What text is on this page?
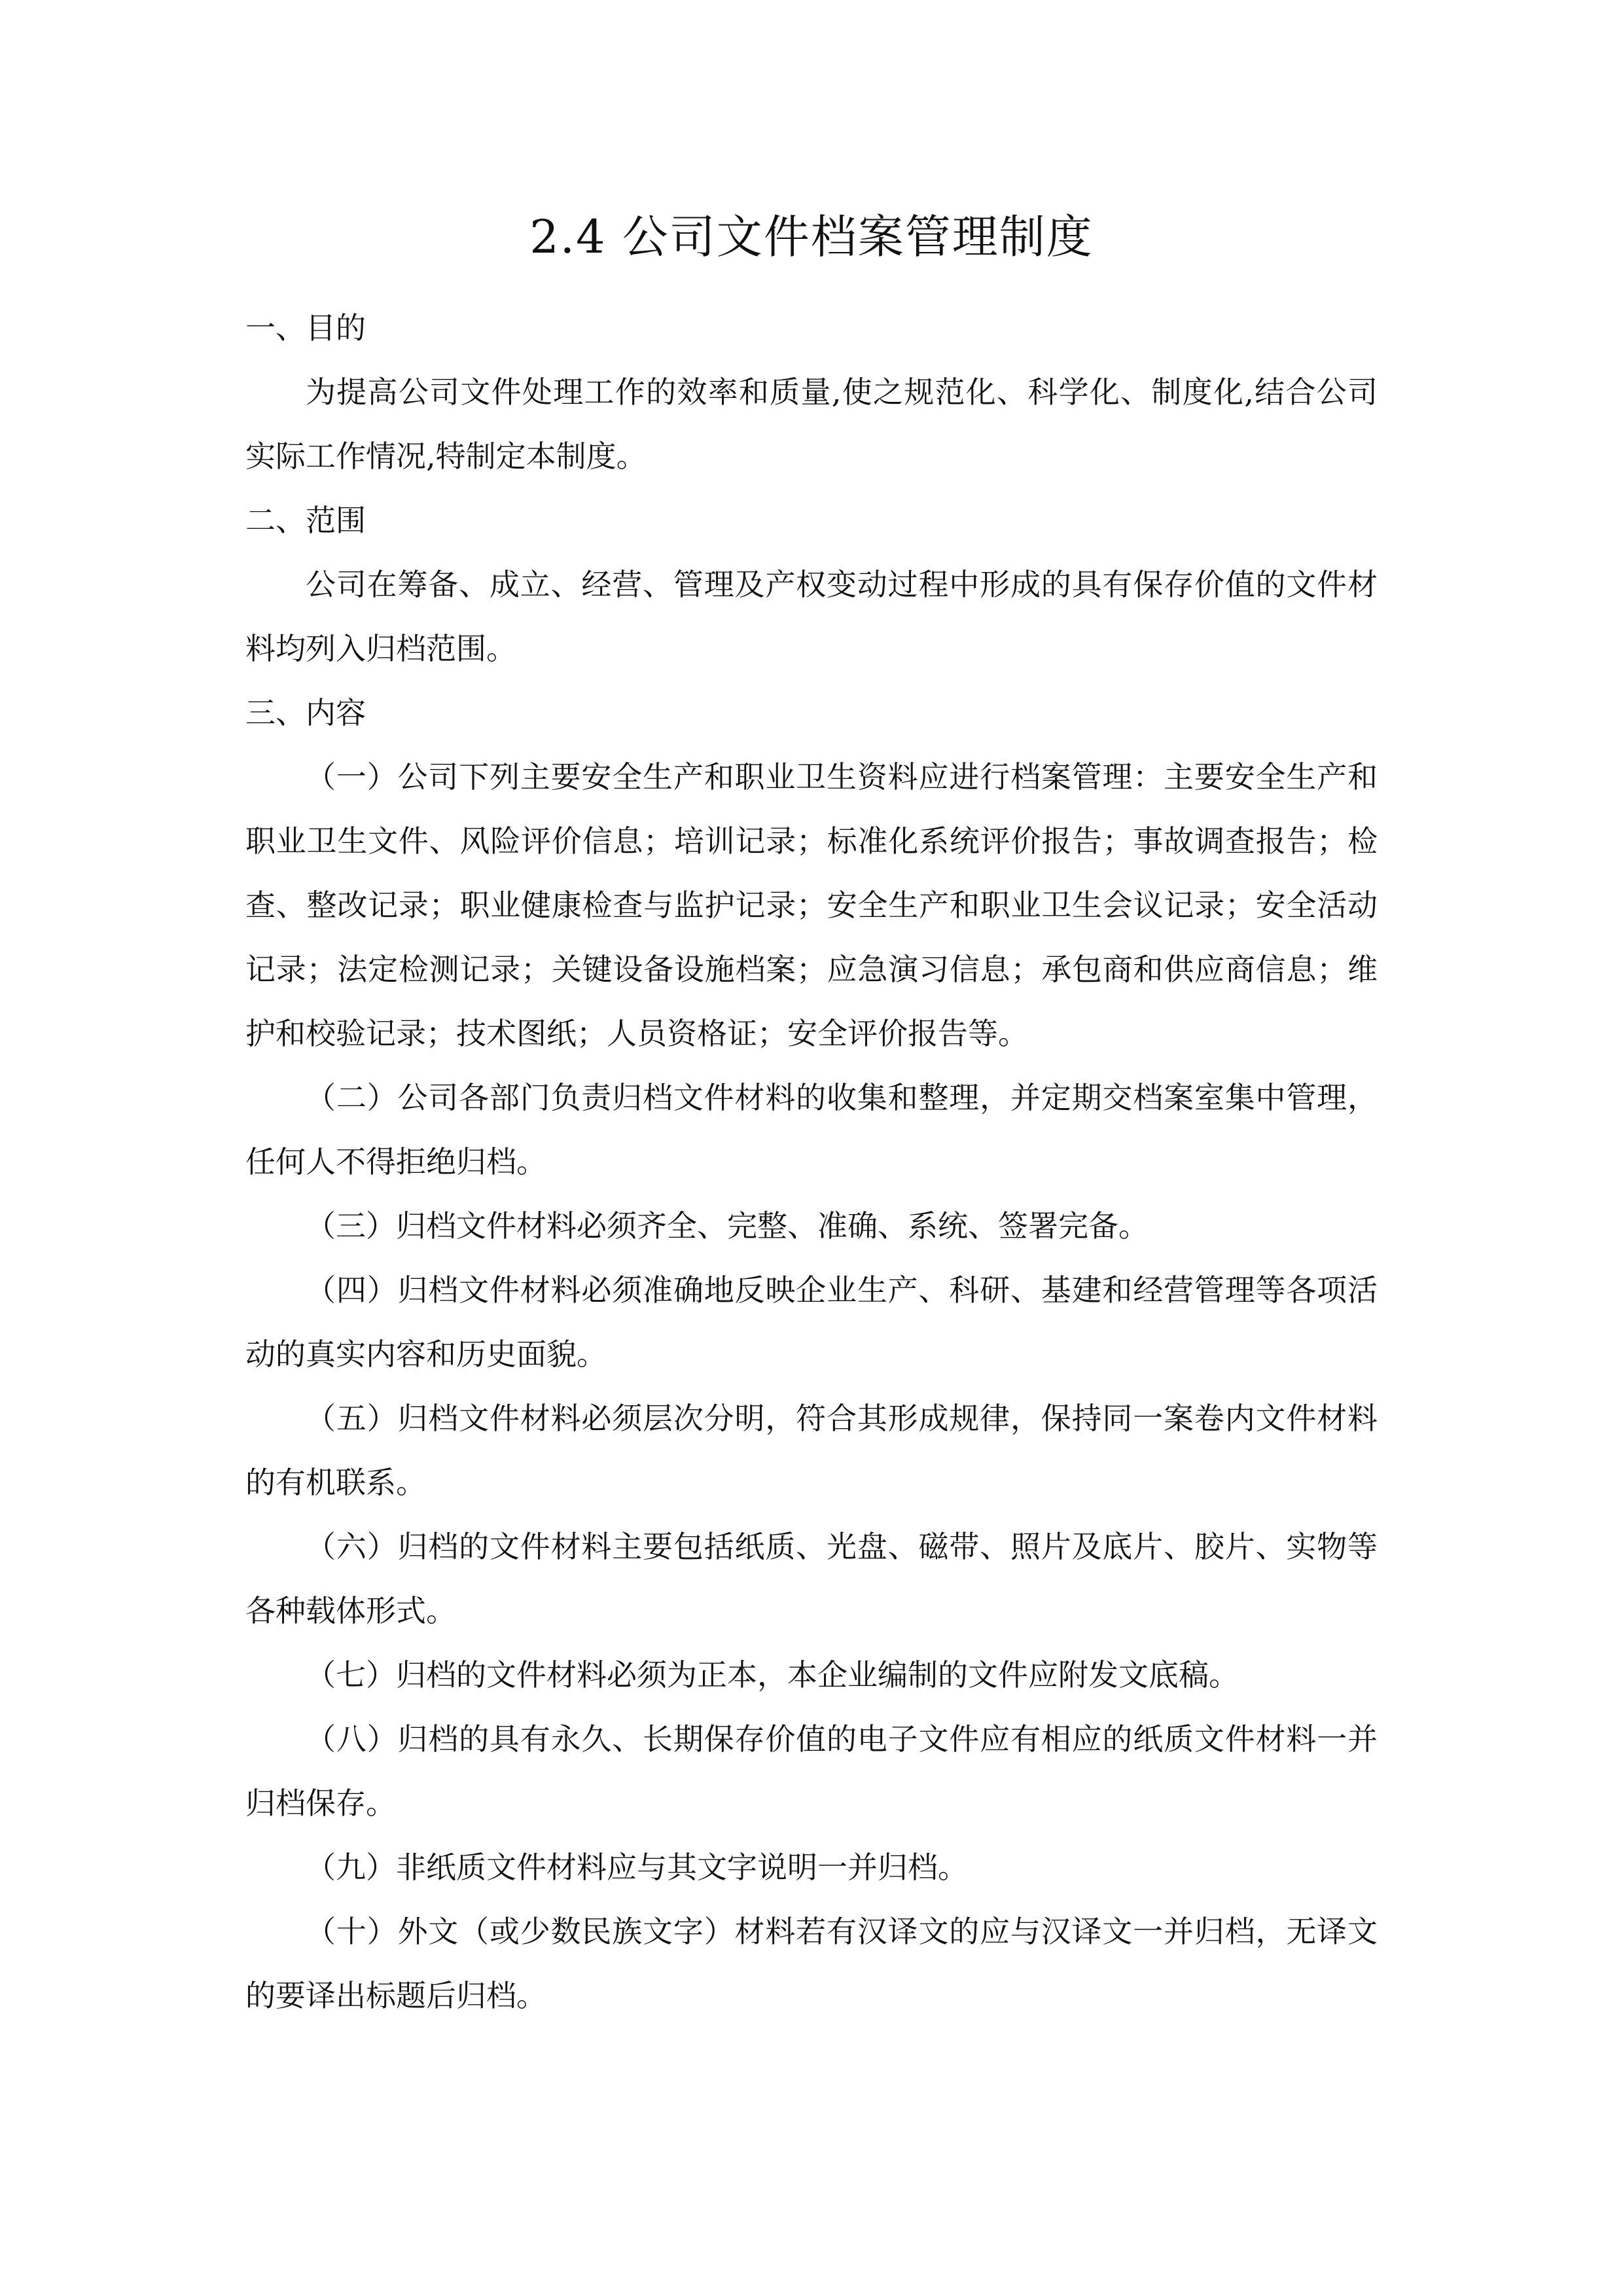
2.4 公司文件档案管理制度
一、目的

为提高公司文件处理工作的效率和质量,使之规范化、科学化、制度化,结合公司实际工作情况,特制定本制度。

二、范围

公司在筹备、成立、经营、管理及产权变动过程中形成的具有保存价值的文件材料均列入归档范围。

三、内容

（一）公司下列主要安全生产和职业卫生资料应进行档案管理：主要安全生产和职业卫生文件、风险评价信息；培训记录；标准化系统评价报告；事故调查报告；检查、整改记录；职业健康检查与监护记录；安全生产和职业卫生会议记录；安全活动记录；法定检测记录；关键设备设施档案；应急演习信息；承包商和供应商信息；维护和校验记录；技术图纸；人员资格证；安全评价报告等。

（二）公司各部门负责归档文件材料的收集和整理，并定期交档案室集中管理，任何人不得拒绝归档。

（三）归档文件材料必须齐全、完整、准确、系统、签署完备。

（四）归档文件材料必须准确地反映企业生产、科研、基建和经营管理等各项活动的真实内容和历史面貌。

（五）归档文件材料必须层次分明，符合其形成规律，保持同一案卷内文件材料的有机联系。

（六）归档的文件材料主要包括纸质、光盘、磁带、照片及底片、胶片、实物等各种载体形式。

（七）归档的文件材料必须为正本，本企业编制的文件应附发文底稿。

（八）归档的具有永久、长期保存价值的电子文件应有相应的纸质文件材料一并归档保存。

（九）非纸质文件材料应与其文字说明一并归档。

（十）外文（或少数民族文字）材料若有汉译文的应与汉译文一并归档，无译文的要译出标题后归档。
